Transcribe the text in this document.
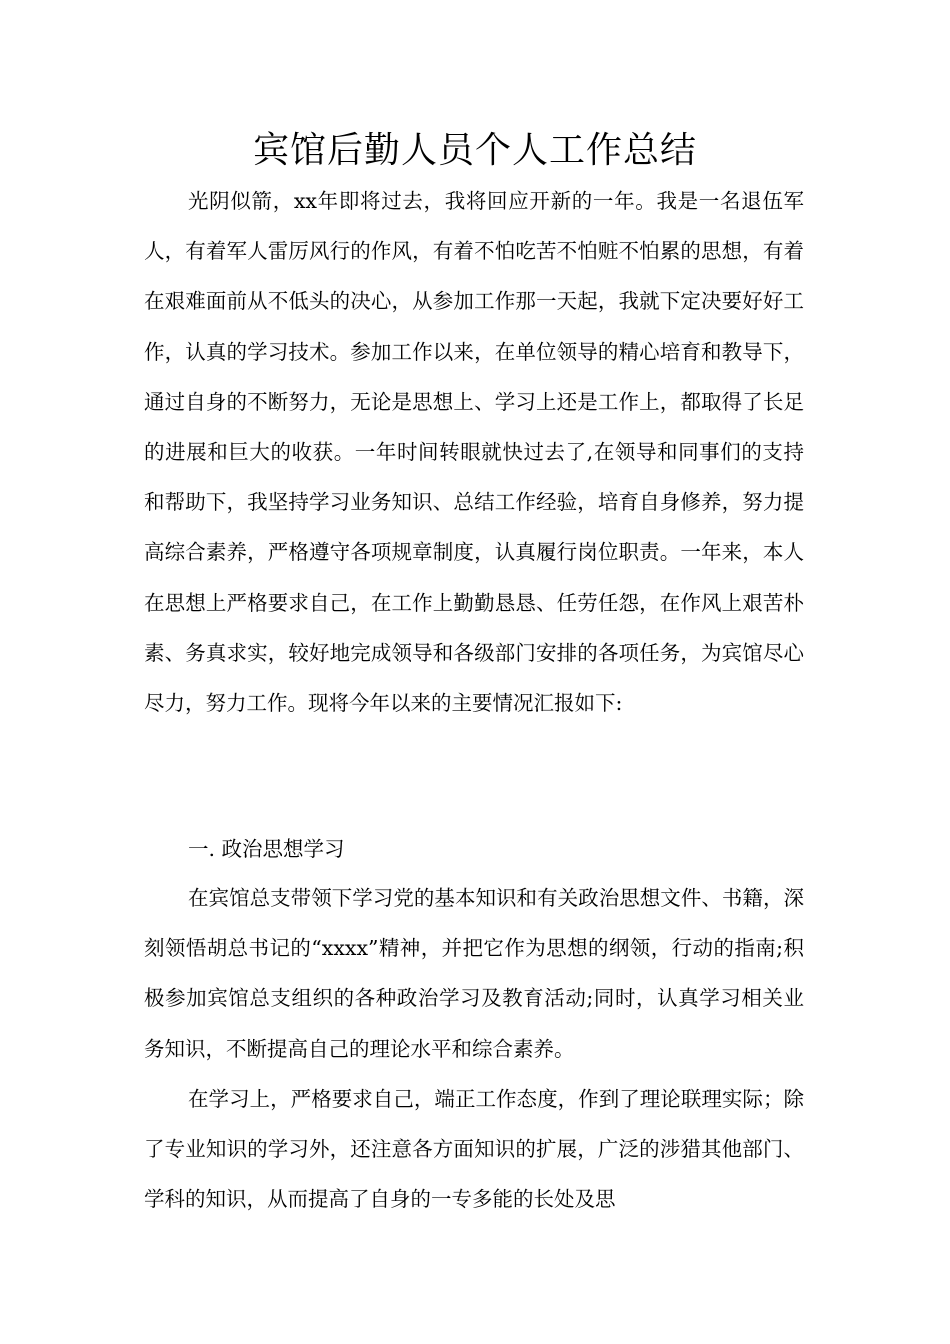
宾馆后勤人员个人工作总结

光阴似箭，xx年即将过去，我将回应开新的一年。我是一名退伍军人，有着军人雷厉风行的作风，有着不怕吃苦不怕赃不怕累的思想，有着在艰难面前从不低头的决心，从参加工作那一天起，我就下定决要好好工作，认真的学习技术。参加工作以来，在单位领导的精心培育和教导下，通过自身的不断努力，无论是思想上、学习上还是工作上，都取得了长足的进展和巨大的收获。一年时间转眼就快过去了,在领导和同事们的支持和帮助下，我坚持学习业务知识、总结工作经验，培育自身修养，努力提高综合素养，严格遵守各项规章制度，认真履行岗位职责。一年来，本人在思想上严格要求自己，在工作上勤勤恳恳、任劳任怨，在作风上艰苦朴素、务真求实，较好地完成领导和各级部门安排的各项任务，为宾馆尽心尽力，努力工作。现将今年以来的主要情况汇报如下:

一. 政治思想学习

在宾馆总支带领下学习党的基本知识和有关政治思想文件、书籍，深刻领悟胡总书记的“xxxx”精神，并把它作为思想的纲领，行动的指南;积极参加宾馆总支组织的各种政治学习及教育活动;同时，认真学习相关业务知识，不断提高自己的理论水平和综合素养。

在学习上，严格要求自己，端正工作态度，作到了理论联理实际；除了专业知识的学习外，还注意各方面知识的扩展，广泛的涉猎其他部门、学科的知识，从而提高了自身的一专多能的长处及思
